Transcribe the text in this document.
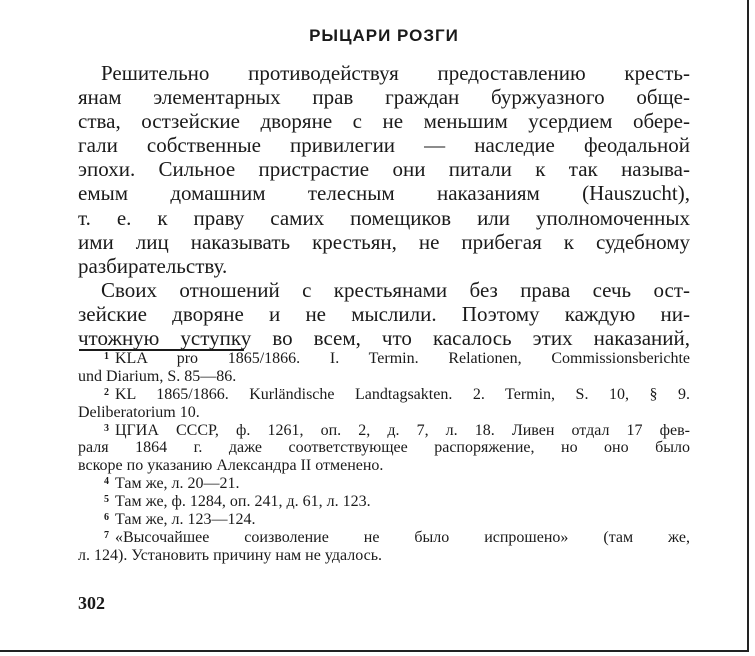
РЫЦАРИ РОЗГИ
Решительно противодействуя предоставлению кресть-
янам элементарных прав граждан буржуазного обще-
ства, остзейские дворяне с не меньшим усердием обере-
гали собственные привилегии — наследие феодальной
эпохи. Сильное пристрастие они питали к так называ-
емым домашним телесным наказаниям (Hauszucht),
т. е. к праву самих помещиков или уполномоченных
ими лиц наказывать крестьян, не прибегая к судебному
разбирательству.
Своих отношений с крестьянами без права сечь ост-
зейские дворяне и не мыслили. Поэтому каждую ни-
чтожную уступку во всем, что касалось этих наказаний,
$^1$ KLA pro 1865/1866. I. Termin. Relationen, Commissionsberichte
und Diarium, S. 85—86.
$^2$ KL 1865/1866. Kurländische Landtagsakten. 2. Termin, S. 10, § 9.
Deliberatorium 10.
$^3$ ЦГИА СССР, ф. 1261, оп. 2, д. 7, л. 18. Ливен отдал 17 фев-
раля 1864 г. даже соответствующее распоряжение, но оно было
вскоре по указанию Александра II отменено.
$^4$ Там же, л. 20—21.
$^5$ Там же, ф. 1284, оп. 241, д. 61, л. 123.
$^6$ Там же, л. 123—124.
$^7$ «Высочайшее соизволение не было испрошено» (там же,
л. 124). Установить причину нам не удалось.
302
